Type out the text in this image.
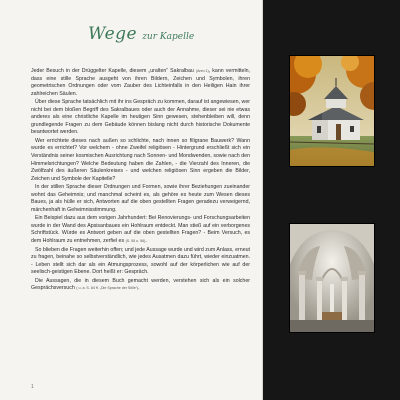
Wege zur Kapelle

Jeder Besuch in der Drüggelter Kapelle, diesem „uralten“ Sakralbau (Anm.1), kann vermitteln, dass eine stille Sprache ausgeht von ihren Bildern, Zeichen und Symbolen, ihren geometrischen Ordnungen oder vom Zauber des Lichteinfalls in den Heiligen Hain ihrer zahlreichen Säulen.

Über diese Sprache tatsächlich mit ihr ins Gespräch zu kommen, darauf ist angewiesen, wer nicht bei dem bloßen Begriff des Sakralbaues oder auch der Annahme, dieser sei nie etwas anderes als eine christliche Kapelle im heutigen Sinn gewesen, stehenbleiben will, denn grundlegende Fragen zu dem Gebäude können bislang nicht durch historische Dokumente beantwortet werden.

Wer errichtete dieses nach außen so schlichte, nach innen so filigrane Bauwerk? Wann wurde es errichtet? Vor welchem - ohne Zweifel religiösen - Hintergrund erschließt sich ein Verständnis seiner kosmischen Ausrichtung nach Sonnen- und Mondwenden, sowie nach den Himmelsrichtungen? Welche Bedeutung haben die Zahlen, - die Vierzahl des Inneren, die Zwölfzahl des äußeren Säulenkreises - und welchen religiösen Sinn ergeben die Bilder, Zeichen und Symbole der Kapitelle?

In der stillen Sprache dieser Ordnungen und Formen, sowie ihrer Beziehungen zueinander wohnt das Geheimnis; und manchmal scheint es, als gehöre es heute zum Wesen dieses Baues, ja als hülle er sich, Antworten auf die oben gestellten Fragen geradezu verweigernd, märchenhaft in Geheimnisstimmung.

Ein Beispiel dazu aus dem vorigen Jahrhundert: Bei Renovierungs- und Forschungsarbeiten wurde in der Wand des Apsisanbaues ein Hohlraum entdeckt. Man stieß auf ein verborgenes Schriftstück. Würde es Antwort geben auf die oben gestellten Fragen? - Beim Versuch, es dem Hohlraum zu entnehmen, zerfiel es (S. 55 u. 56).

So blieben die Fragen weiterhin offen; und jede Aussage wurde und wird zum Anlass, erneut zu fragen, beinahe so selbstverständlich, wie jedes Ausatmen dazu führt, wieder einzuatmen. - Leben stellt sich dar als ein Atmungsprozess, sowohl auf der körperlichen wie auf der seelisch-geistigen Ebene. Dort heißt er: Gespräch.

Die Aussagen, die in diesem Buch gemacht werden, verstehen sich als ein solcher Gesprächsversuch ( u. a. S. 84 ff. „Die Sprache der Stille“).

1
